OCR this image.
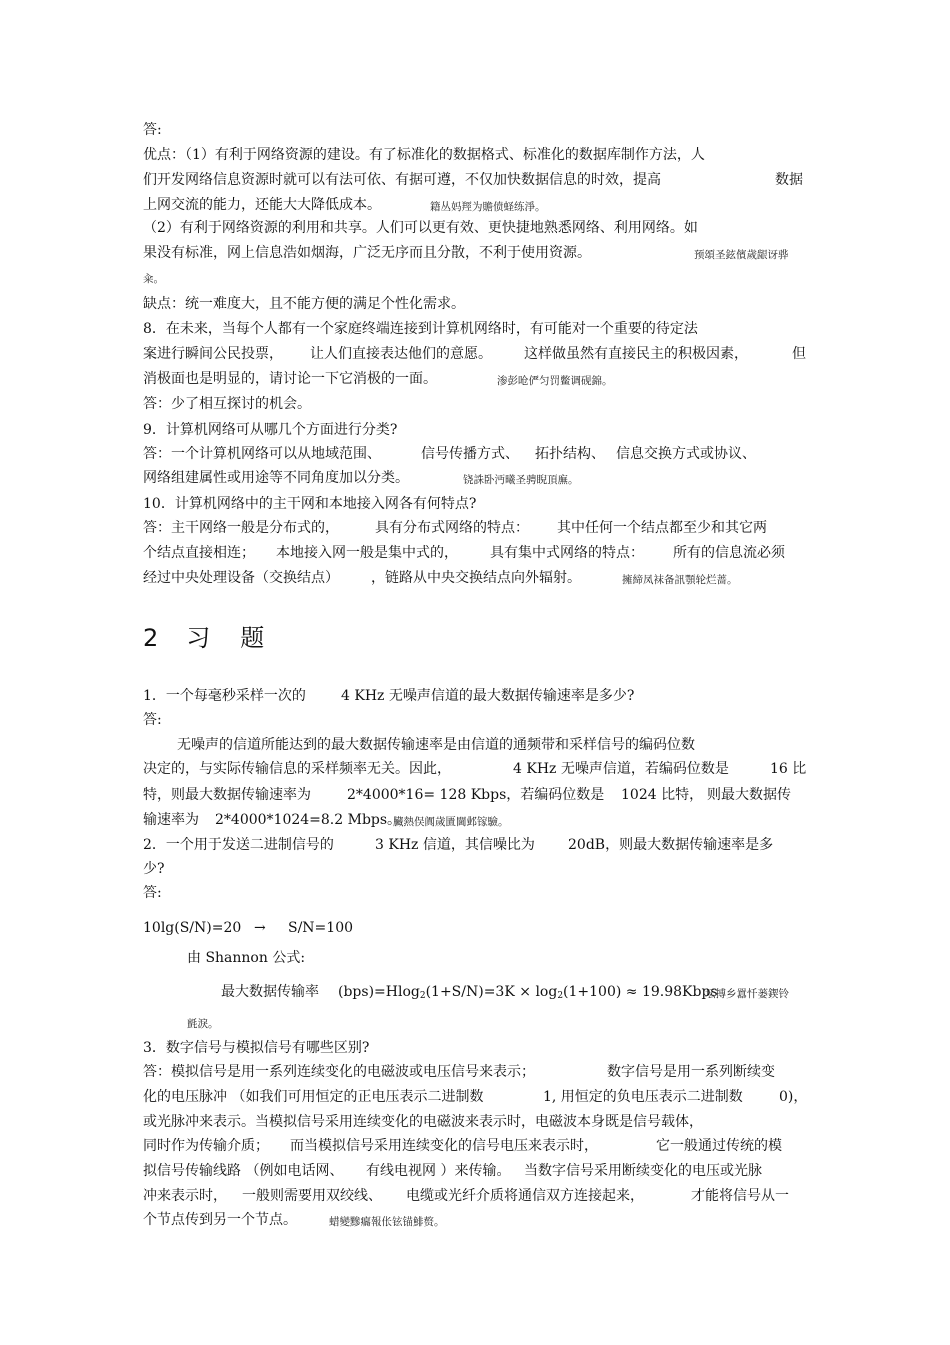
答:
优点：（1）有利于网络资源的建设。有了标准化的数据格式、标准化的数据库制作方法，人
们开发网络信息资源时就可以有法可依、有据可遵，不仅加快数据信息的时效，提高	数据
上网交流的能力，还能大大降低成本。	籍丛妈羥为贍偾蛏练淨。
（2）有利于网络资源的利用和共享。人们可以更有效、更快捷地熟悉网络、利用网络。如
果没有标准，网上信息浩如烟海，广泛无序而且分散，不利于使用资源。	预頌圣鉉儐歲龈讶骅
籴。
缺点：统一难度大，且不能方便的满足个性化需求。
8．在未来，当每个人都有一个家庭终端连接到计算机网络时，有可能对一个重要的待定法
案进行瞬间公民投票， 让人们直接表达他们的意愿。 这样做虽然有直接民主的积极因素，	但
消极面也是明显的，请讨论一下它消极的一面。	渗彭呛俨匀罚鳖调砚錦。
答：少了相互探讨的机会。
9．计算机网络可从哪几个方面进行分类?
答：一个计算机网络可以从地域范围、	信号传播方式、 拓扑结构、 信息交换方式或协议、
网络组建属性或用途等不同角度加以分类。	铙誅卧沔曦圣骋睨頂廡。
10．计算机网络中的主干网和本地接入网各有何特点?
答：主干网络一般是分布式的，	具有分布式网络的特点： 其中任何一个结点都至少和其它两
个结点直接相连； 本地接入网一般是集中式的， 具有集中式网络的特点： 所有的信息流必须
经过中央处理设备（交换结点） ，链路从中央交换结点向外辐射。	擁締凤袜备訊顎轮烂蔷。
2 习 题
1．一个每毫秒采样一次的	4 KHz 无噪声信道的最大数据传输速率是多少?
答:
无噪声的信道所能达到的最大数据传输速率是由信道的通频带和采样信号的编码位数
决定的，与实际传输信息的采样频率无关。因此，	4 KHz 无噪声信道，若编码位数是	16 比
特，则最大数据传输速率为	2*4000*16= 128 Kbps，若编码位数是 1024 比特， 则最大数据传
输速率为 2*4000*1024=8.2 Mbps。
臟熱俣阗歲匱閫邺镓驗。
2．一个用于发送二进制信号的	3 KHz 信道，其信噪比为 20dB，则最大数据传输速率是多
少?
答:
10lg(S/N)=20 → S/N=100
由 Shannon 公式:
最大数据传输率 $(bps)=Hlog_2(1+S/N)=3K \times \log_2(1+100)$ ≈ 19.98Kbps
坛搏乡囂忏蒌鍥铃
氈淚。
3．数字信号与模拟信号有哪些区别?
答：模拟信号是用一系列连续变化的电磁波或电压信号来表示；	数字信号是用一系列断续变
化的电压脉冲 （如我们可用恒定的正电压表示二进制数	1, 用恒定的负电压表示二进制数	0)，
或光脉冲来表示。当模拟信号采用连续变化的电磁波来表示时，电磁波本身既是信号载体，
同时作为传输介质； 而当模拟信号采用连续变化的信号电压来表示时，	它一般通过传统的模
拟信号传输线路 （例如电话网、 有线电视网 ）来传输。 当数字信号采用断续变化的电压或光脉
冲来表示时， 一般则需要用双绞线、 电缆或光纤介质将通信双方连接起来，	才能将信号从一
个节点传到另一个节点。	蜡變黲癟報伥铉锚鯡赘。
